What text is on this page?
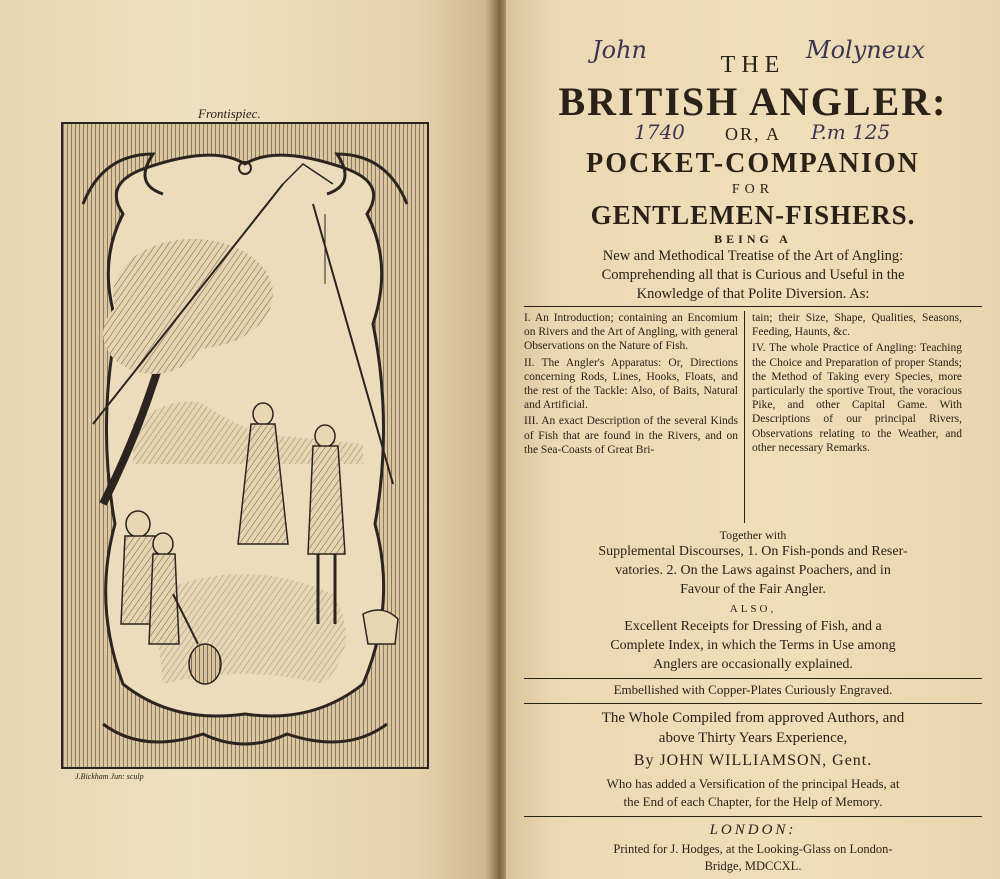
Frontispiec.
J.Bickham Jun: sculp
John	Molyneux
THE
BRITISH ANGLER:
1740	OR, A	P.m 125
POCKET-COMPANION
FOR
GENTLEMEN-FISHERS.
BEING A
New and Methodical Treatise of the Art of Angling:
Comprehending all that is Curious and Useful in the
Knowledge of that Polite Diversion. As:

I. An Introduction; containing an Encomium on Rivers and the Art of Angling, with general Observations on the Nature of Fish.

II. The Angler's Apparatus: Or, Directions concerning Rods, Lines, Hooks, Floats, and the rest of the Tackle: Also, of Baits, Natural and Artificial.

III. An exact Description of the several Kinds of Fish that are found in the Rivers, and on the Sea-Coasts of Great Bri-

tain; their Size, Shape, Qualities, Seasons, Feeding, Haunts, &c.

IV. The whole Practice of Angling: Teaching the Choice and Preparation of proper Stands; the Method of Taking every Species, more particularly the sportive Trout, the voracious Pike, and other Capital Game. With Descriptions of our principal Rivers, Observations relating to the Weather, and other necessary Remarks.

Together with
Supplemental Discourses, 1. On Fish-ponds and Reser-
vatories. 2. On the Laws against Poachers, and in
Favour of the Fair Angler.
ALSO,
Excellent Receipts for Dressing of Fish, and a
Complete Index, in which the Terms in Use among
Anglers are occasionally explained.
Embellished with Copper-Plates Curiously Engraved.
The Whole Compiled from approved Authors, and
above Thirty Years Experience,
By JOHN WILLIAMSON, Gent.
Who has added a Versification of the principal Heads, at
the End of each Chapter, for the Help of Memory.
LONDON:
Printed for J. Hodges, at the Looking-Glass on London-
Bridge, MDCCXL.
